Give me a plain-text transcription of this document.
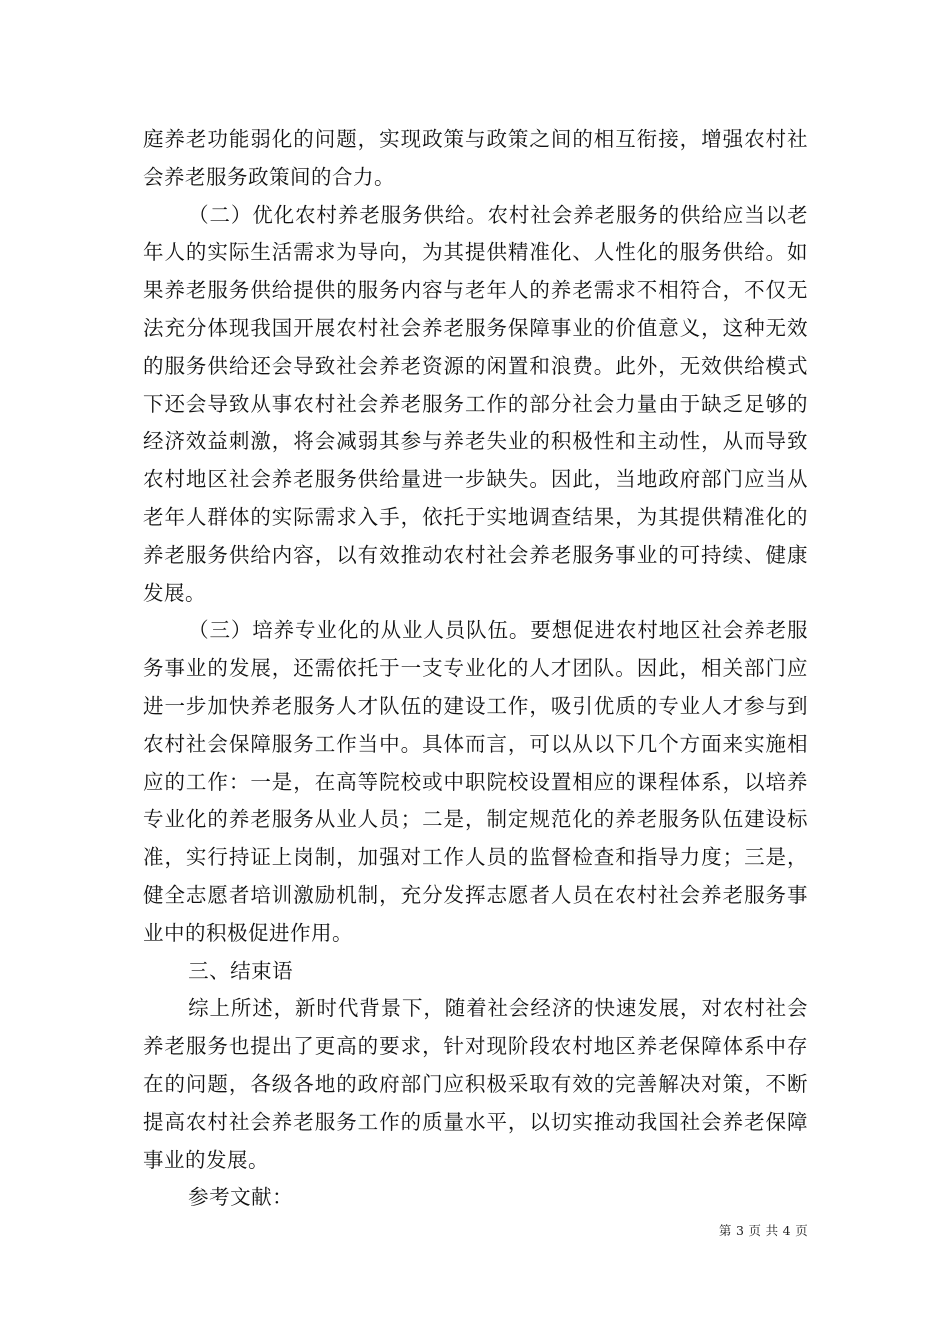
庭养老功能弱化的问题，实现政策与政策之间的相互衔接，增强农村社会养老服务政策间的合力。

（二）优化农村养老服务供给。农村社会养老服务的供给应当以老年人的实际生活需求为导向，为其提供精准化、人性化的服务供给。如果养老服务供给提供的服务内容与老年人的养老需求不相符合，不仅无法充分体现我国开展农村社会养老服务保障事业的价值意义，这种无效的服务供给还会导致社会养老资源的闲置和浪费。此外，无效供给模式下还会导致从事农村社会养老服务工作的部分社会力量由于缺乏足够的经济效益刺激，将会减弱其参与养老失业的积极性和主动性，从而导致农村地区社会养老服务供给量进一步缺失。因此，当地政府部门应当从老年人群体的实际需求入手，依托于实地调查结果，为其提供精准化的养老服务供给内容，以有效推动农村社会养老服务事业的可持续、健康发展。

（三）培养专业化的从业人员队伍。要想促进农村地区社会养老服务事业的发展，还需依托于一支专业化的人才团队。因此，相关部门应进一步加快养老服务人才队伍的建设工作，吸引优质的专业人才参与到农村社会保障服务工作当中。具体而言，可以从以下几个方面来实施相应的工作：一是，在高等院校或中职院校设置相应的课程体系，以培养专业化的养老服务从业人员；二是，制定规范化的养老服务队伍建设标准，实行持证上岗制，加强对工作人员的监督检查和指导力度；三是，健全志愿者培训激励机制，充分发挥志愿者人员在农村社会养老服务事业中的积极促进作用。

三、结束语

综上所述，新时代背景下，随着社会经济的快速发展，对农村社会养老服务也提出了更高的要求，针对现阶段农村地区养老保障体系中存在的问题，各级各地的政府部门应积极采取有效的完善解决对策，不断提高农村社会养老服务工作的质量水平，以切实推动我国社会养老保障事业的发展。

参考文献：

第 3 页 共 4 页
